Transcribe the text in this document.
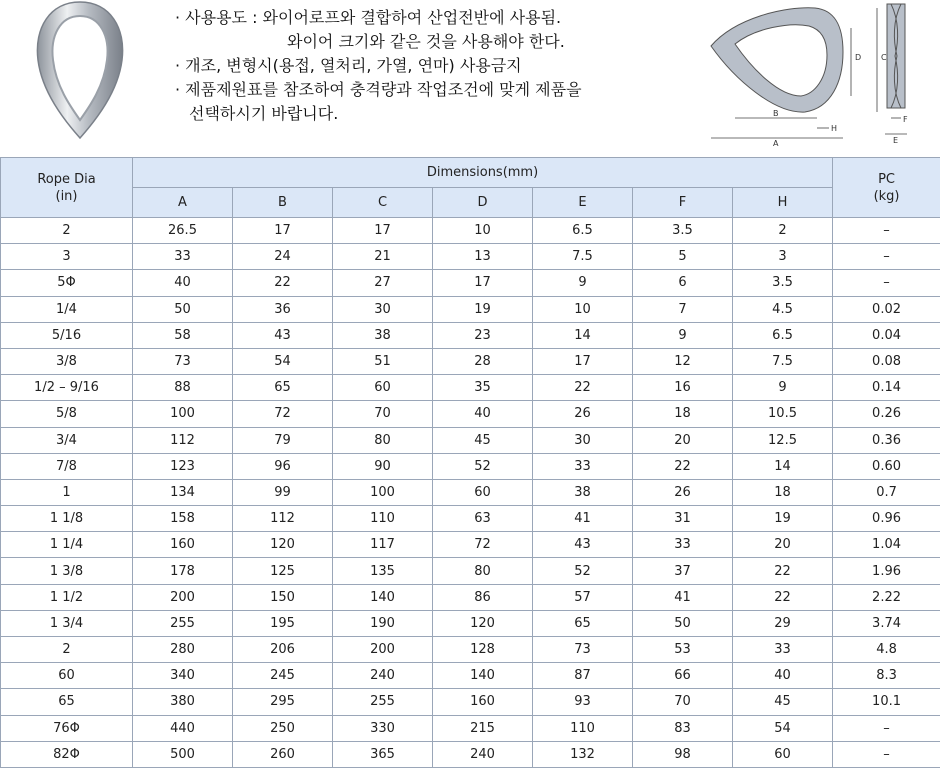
· 사용용도 : 와이어로프와 결합하여 산업전반에 사용됨.
와이어 크기와 같은 것을 사용해야 한다.
· 개조, 변형시(용접, 열처리, 가열, 연마) 사용금지
· 제품제원표를 참조하여 충격량과 작업조건에 맞게 제품을
선택하시기 바랍니다.
D C
B
A
H
F
E
Rope Dia
(in)	Dimensions(mm)							PC
(kg)
	A	B	C	D	E	F	H	
2	26.5	17	17	10	6.5	3.5	2	–
3	33	24	21	13	7.5	5	3	–
5Φ	40	22	27	17	9	6	3.5	–
1/4	50	36	30	19	10	7	4.5	0.02
5/16	58	43	38	23	14	9	6.5	0.04
3/8	73	54	51	28	17	12	7.5	0.08
1/2 – 9/16	88	65	60	35	22	16	9	0.14
5/8	100	72	70	40	26	18	10.5	0.26
3/4	112	79	80	45	30	20	12.5	0.36
7/8	123	96	90	52	33	22	14	0.60
1	134	99	100	60	38	26	18	0.7
1 1/8	158	112	110	63	41	31	19	0.96
1 1/4	160	120	117	72	43	33	20	1.04
1 3/8	178	125	135	80	52	37	22	1.96
1 1/2	200	150	140	86	57	41	22	2.22
1 3/4	255	195	190	120	65	50	29	3.74
2	280	206	200	128	73	53	33	4.8
60	340	245	240	140	87	66	40	8.3
65	380	295	255	160	93	70	45	10.1
76Φ	440	250	330	215	110	83	54	–
82Φ	500	260	365	240	132	98	60	–
